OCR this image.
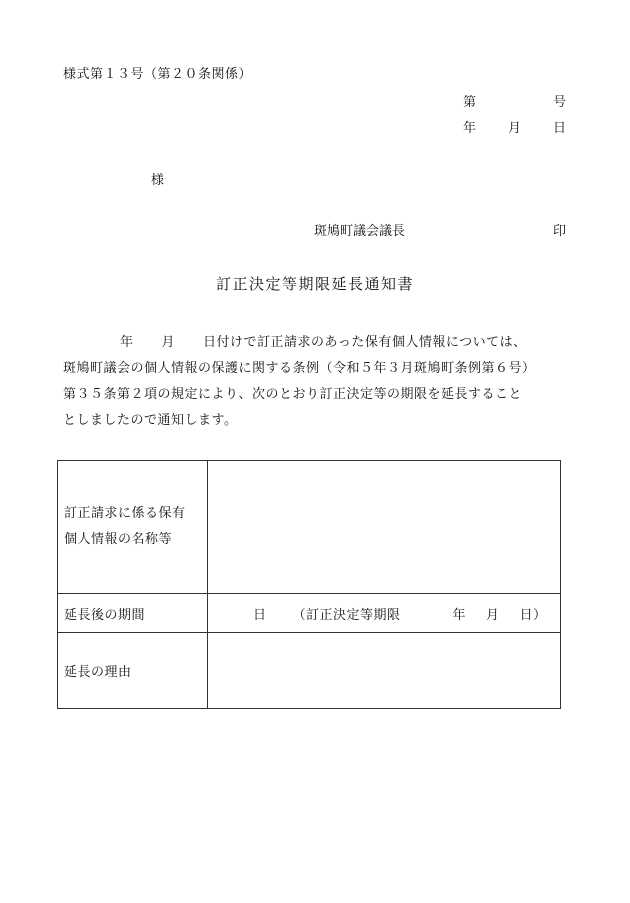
様式第１３号（第２０条関係）
第	号
年 月 日
様
斑鳩町議会議長	印
訂正決定等期限延長通知書
年 月 日付けで訂正請求のあった保有個人情報については、
斑鳩町議会の個人情報の保護に関する条例（令和５年３月斑鳩町条例第６号）
第３５条第２項の規定により、次のとおり訂正決定等の期限を延長すること
としましたので通知します。
訂正請求に係る保有
個人情報の名称等	

延長後の期間	日 （訂正決定等期限 年 月 日）
延長の理由	
